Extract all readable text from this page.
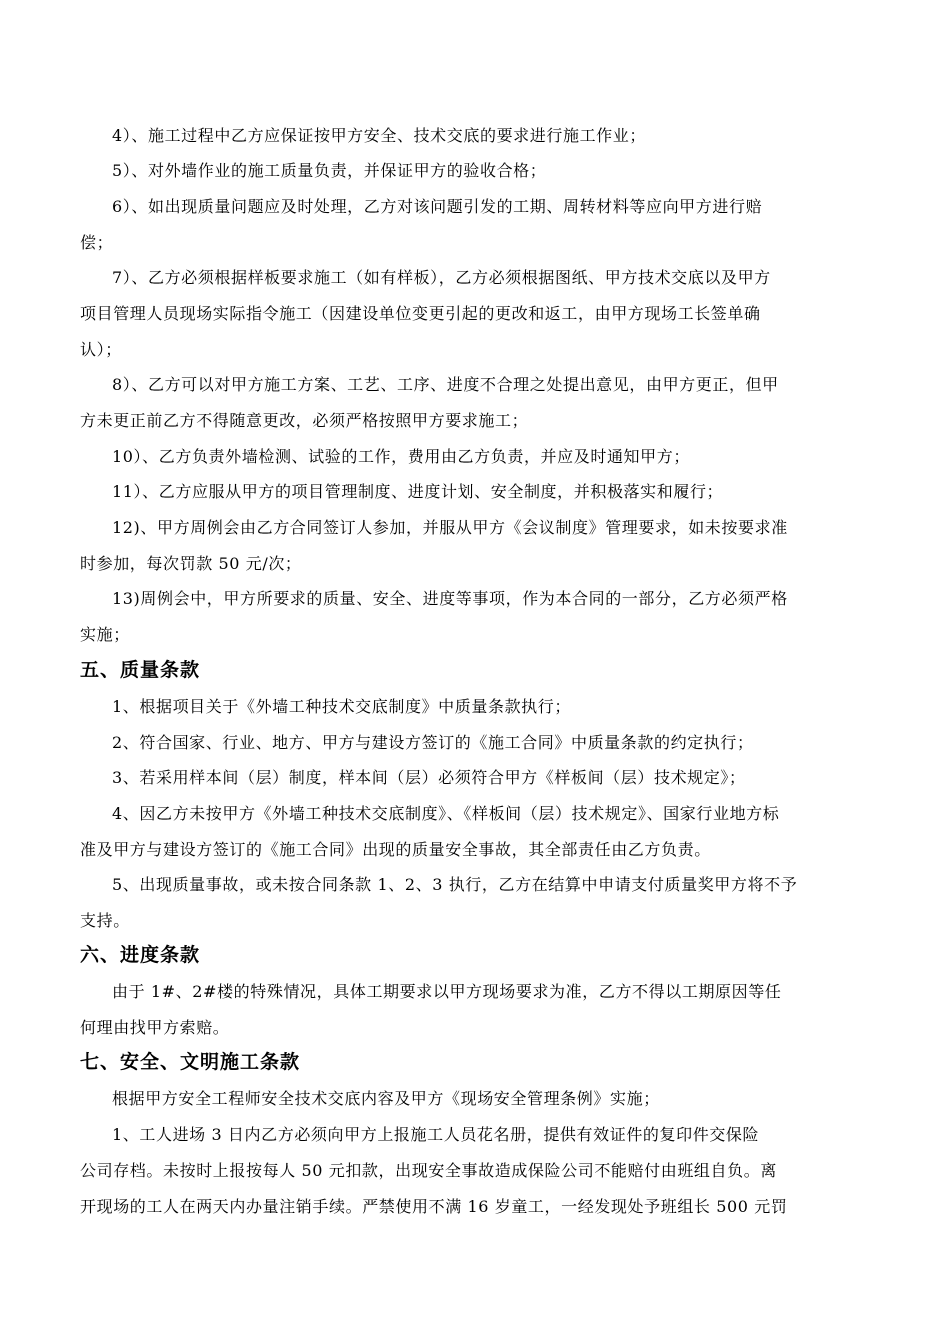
4）、施工过程中乙方应保证按甲方安全、技术交底的要求进行施工作业；
5）、对外墙作业的施工质量负责，并保证甲方的验收合格；
6）、如出现质量问题应及时处理，乙方对该问题引发的工期、周转材料等应向甲方进行赔
偿；
7）、乙方必须根据样板要求施工（如有样板），乙方必须根据图纸、甲方技术交底以及甲方
项目管理人员现场实际指令施工（因建设单位变更引起的更改和返工，由甲方现场工长签单确
认）；
8）、乙方可以对甲方施工方案、工艺、工序、进度不合理之处提出意见，由甲方更正，但甲
方未更正前乙方不得随意更改，必须严格按照甲方要求施工；
10）、乙方负责外墙检测、试验的工作，费用由乙方负责，并应及时通知甲方；
11）、乙方应服从甲方的项目管理制度、进度计划、安全制度，并积极落实和履行；
12)、甲方周例会由乙方合同签订人参加，并服从甲方《会议制度》管理要求，如未按要求准
时参加，每次罚款 50 元/次；
13)周例会中，甲方所要求的质量、安全、进度等事项，作为本合同的一部分，乙方必须严格
实施；
五、质量条款
1、根据项目关于《外墙工种技术交底制度》中质量条款执行；
2、符合国家、行业、地方、甲方与建设方签订的《施工合同》中质量条款的约定执行；
3、若采用样本间（层）制度，样本间（层）必须符合甲方《样板间（层）技术规定》；
4、因乙方未按甲方《外墙工种技术交底制度》、《样板间（层）技术规定》、国家行业地方标
准及甲方与建设方签订的《施工合同》出现的质量安全事故，其全部责任由乙方负责。
5、出现质量事故，或未按合同条款 1、2、3 执行，乙方在结算中申请支付质量奖甲方将不予
支持。
六、进度条款
由于 1#、2#楼的特殊情况，具体工期要求以甲方现场要求为准，乙方不得以工期原因等任
何理由找甲方索赔。
七、安全、文明施工条款
根据甲方安全工程师安全技术交底内容及甲方《现场安全管理条例》实施；
1、工人进场 3 日内乙方必须向甲方上报施工人员花名册，提供有效证件的复印件交保险
公司存档。未按时上报按每人 50 元扣款，出现安全事故造成保险公司不能赔付由班组自负。离
开现场的工人在两天内办量注销手续。严禁使用不满 16 岁童工，一经发现处予班组长 500 元罚
